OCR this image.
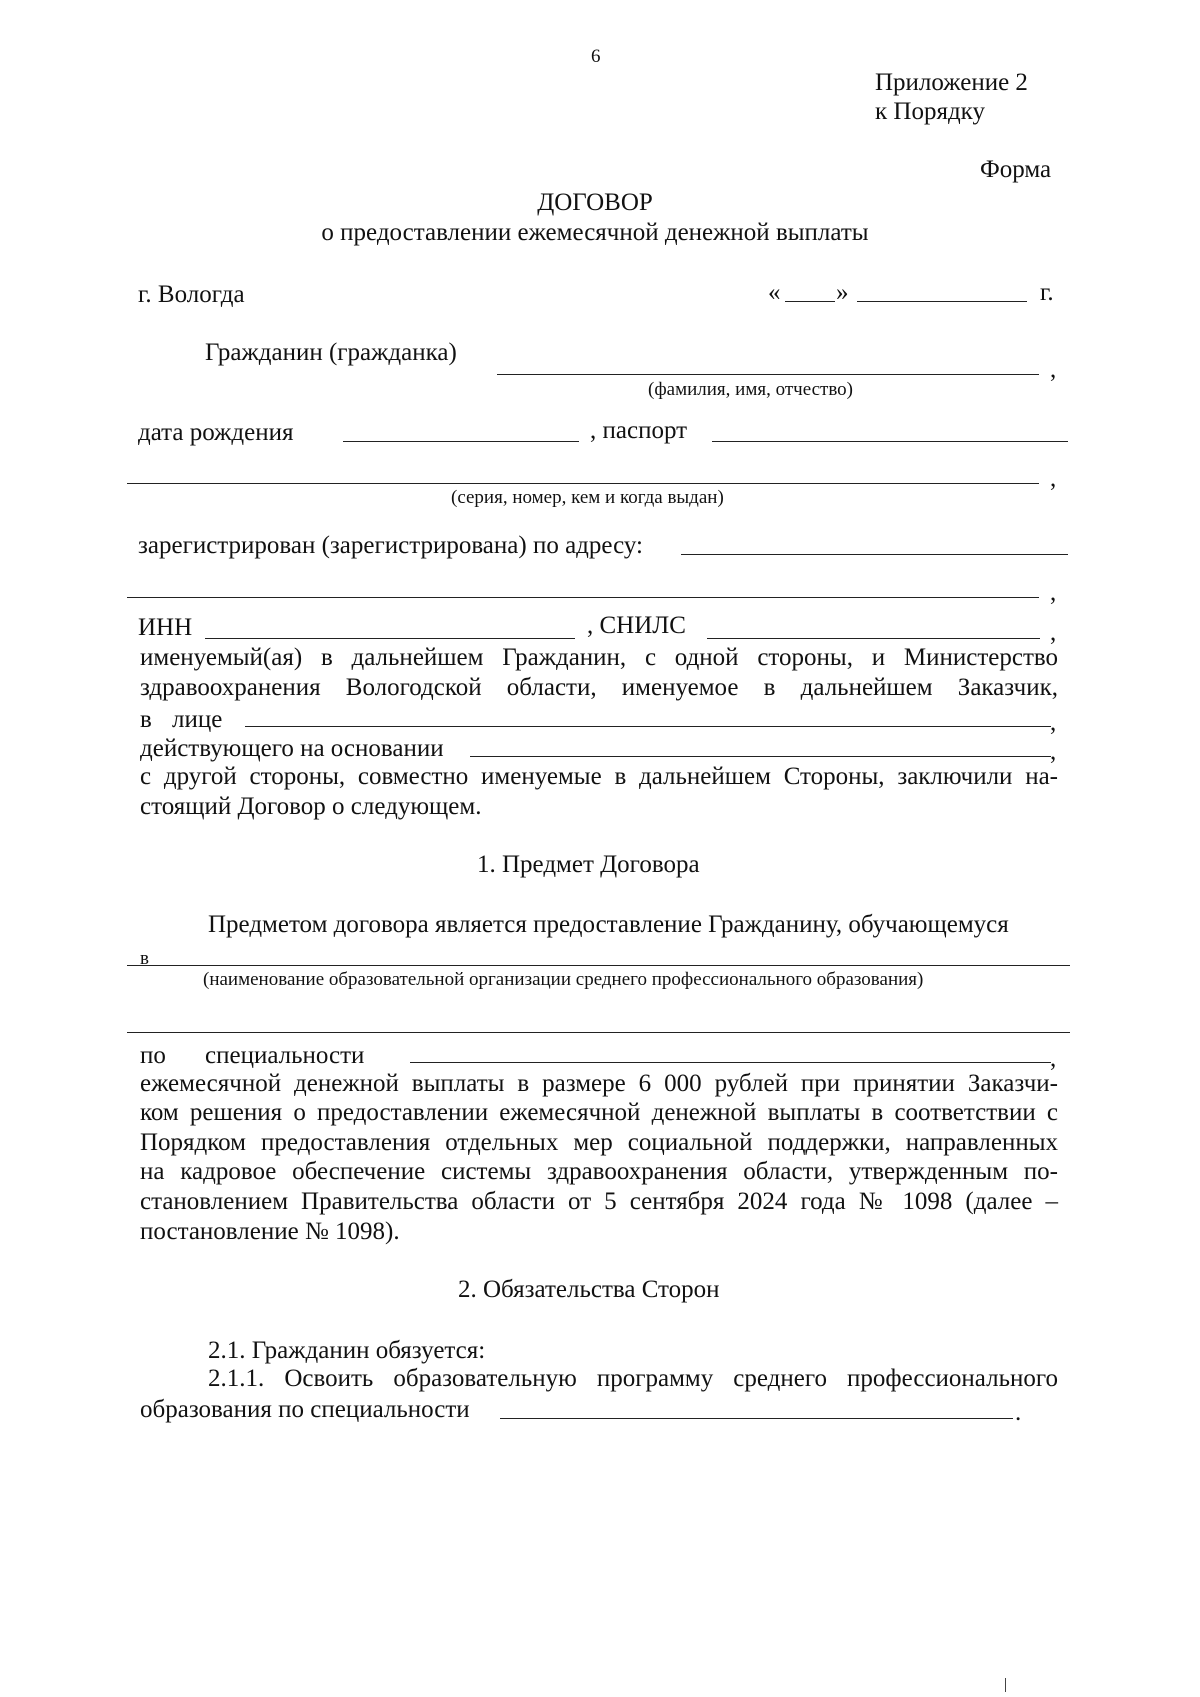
6
Приложение 2
к Порядку
Форма
ДОГОВОР
о предоставлении ежемесячной денежной выплаты
г. Вологда	« »	г.
Гражданин (гражданка)
,
(фамилия, имя, отчество)
дата рождения	, паспорт
,
(серия, номер, кем и когда выдан)
зарегистрирован (зарегистрирована) по адресу:
,
ИНН	, СНИЛС	,
именуемый(ая) в дальнейшем Гражданин, с одной стороны, и Министерство
здравоохранения Вологодской области, именуемое в дальнейшем Заказчик,
в лице	,
действующего на основании	,
с другой стороны, совместно именуемые в дальнейшем Стороны, заключили на-
стоящий Договор о следующем.
1. Предмет Договора
Предметом договора является предоставление Гражданину, обучающемуся
в
(наименование образовательной организации среднего профессионального образования)
по специальности	,
ежемесячной денежной выплаты в размере 6 000 рублей при принятии Заказчи-
ком решения о предоставлении ежемесячной денежной выплаты в соответствии с
Порядком предоставления отдельных мер социальной поддержки, направленных
на кадровое обеспечение системы здравоохранения области, утвержденным по-
становлением Правительства области от 5 сентября 2024 года № 1098 (далее –
постановление № 1098).
2. Обязательства Сторон
2.1. Гражданин обязуется:
2.1.1. Освоить образовательную программу среднего профессионального
образования по специальности	.
